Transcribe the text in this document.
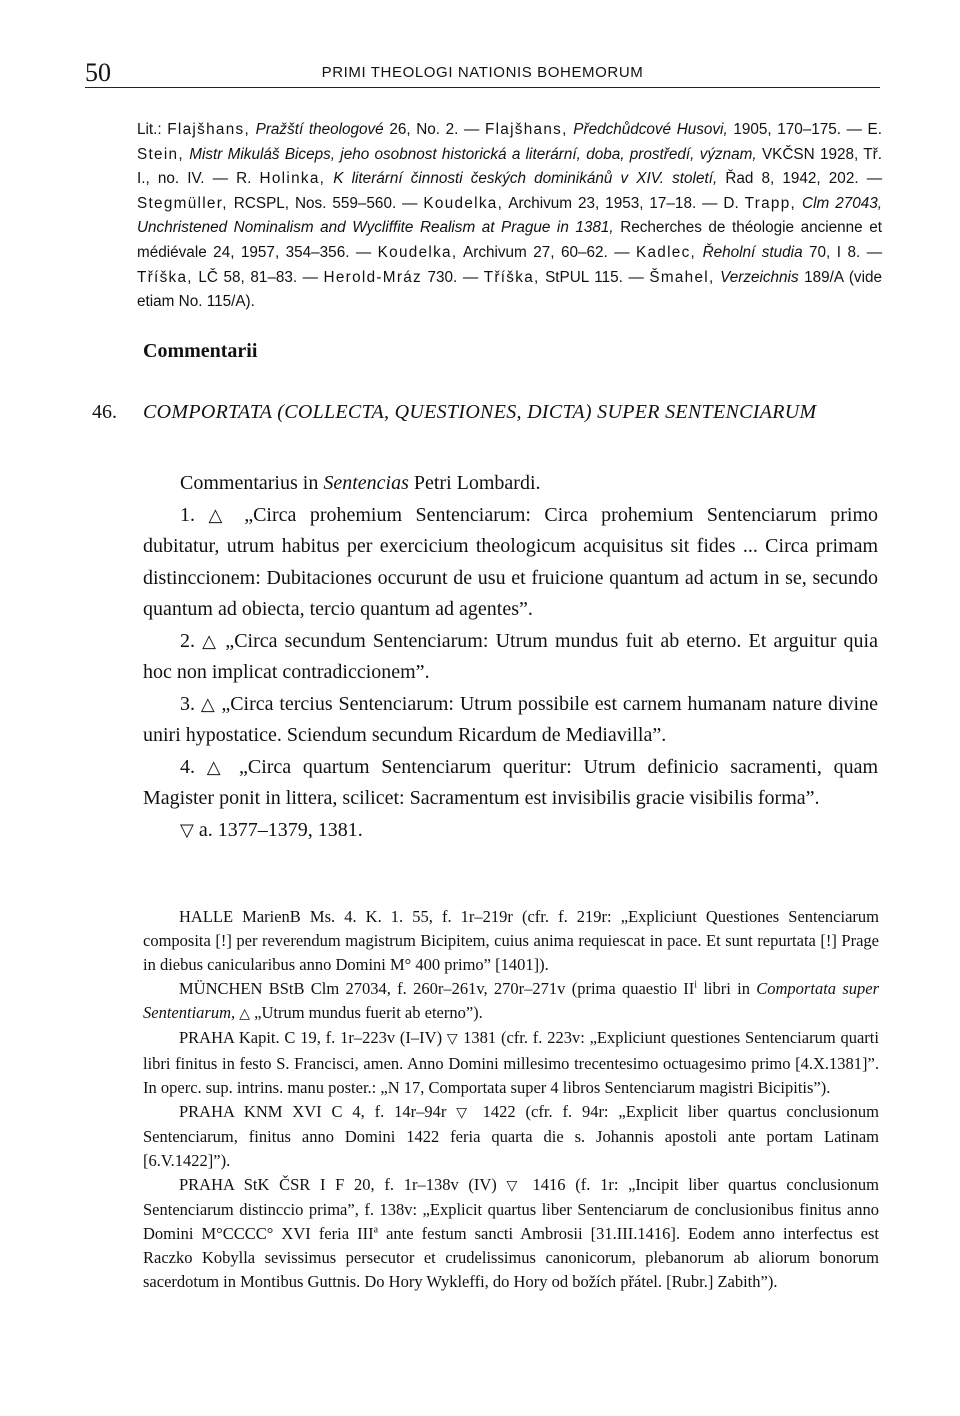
50	PRIMI THEOLOGI NATIONIS BOHEMORUM

Lit.: Flajšhans, Pražští theologové 26, No. 2. — Flajšhans, Předchůdcové Husovi, 1905, 170–175. — E. Stein, Mistr Mikuláš Biceps, jeho osobnost historická a literární, doba, prostředí, význam, VKČSN 1928, Tř. I., no. IV. — R. Holinka, K literární činnosti českých dominikánů v XIV. století, Řad 8, 1942, 202. — Stegmüller, RCSPL, Nos. 559–560. — Koudelka, Archivum 23, 1953, 17–18. — D. Trapp, Clm 27043, Unchristened Nominalism and Wycliffite Realism at Prague in 1381, Recherches de théologie ancienne et médiévale 24, 1957, 354–356. — Koudelka, Archivum 27, 60–62. — Kadlec, Řeholní studia 70, I 8. — Tříška, LČ 58, 81–83. — Herold-Mráz 730. — Tříška, StPUL 115. — Šmahel, Verzeichnis 189/A (vide etiam No. 115/A).

Commentarii
46. COMPORTATA (COLLECTA, QUESTIONES, DICTA) SUPER SENTENCIARUM

Commentarius in Sentencias Petri Lombardi.

1. △ „Circa prohemium Sentenciarum: Circa prohemium Sentenciarum primo dubitatur, utrum habitus per exercicium theologicum acquisitus sit fides ... Circa primam distinccionem: Dubitaciones occurunt de usu et fruicione quantum ad actum in se, secundo quantum ad obiecta, tercio quantum ad agentes”.

2. △ „Circa secundum Sentenciarum: Utrum mundus fuit ab eterno. Et arguitur quia hoc non implicat contradiccionem”.

3. △ „Circa tercius Sentenciarum: Utrum possibile est carnem humanam nature divine uniri hypostatice. Sciendum secundum Ricardum de Mediavilla”.

4. △ „Circa quartum Sentenciarum queritur: Utrum definicio sacramenti, quam Magister ponit in littera, scilicet: Sacramentum est invisibilis gracie visibilis forma”.

▽ a. 1377–1379, 1381.

HALLE MarienB Ms. 4. K. 1. 55, f. 1r–219r (cfr. f. 219r: „Expliciunt Questiones Sentenciarum composita [!] per reverendum magistrum Bicipitem, cuius anima requiescat in pace. Et sunt repurtata [!] Prage in diebus canicularibus anno Domini M° 400 primo” [1401]).

MÜNCHEN BStB Clm 27034, f. 260r–261v, 270r–271v (prima quaestio $II^i$ libri in Comportata super Sententiarum, △ „Utrum mundus fuerit ab eterno”).

PRAHA Kapit. C 19, f. 1r–223v (I–IV) ▽ 1381 (cfr. f. 223v: „Expliciunt questiones Sentenciarum quarti libri finitus in festo S. Francisci, amen. Anno Domini millesimo trecentesimo octuagesimo primo [4.X.1381]”. In operc. sup. intrins. manu poster.: „N 17, Comportata super 4 libros Sentenciarum magistri Bicipitis”).

PRAHA KNM XVI C 4, f. 14r–94r ▽ 1422 (cfr. f. 94r: „Explicit liber quartus conclusionum Sentenciarum, finitus anno Domini 1422 feria quarta die s. Johannis apostoli ante portam Latinam [6.V.1422]”).

PRAHA StK ČSR I F 20, f. 1r–138v (IV) ▽ 1416 (f. 1r: „Incipit liber quartus conclusionum Sentenciarum distinccio prima”, f. 138v: „Explicit quartus liber Sentenciarum de conclusionibus finitus anno Domini M°CCCC° XVI feria III$^a$ ante festum sancti Ambrosii [31.III.1416]. Eodem anno interfectus est Raczko Kobylla sevissimus persecutor et crudelissimus canonicorum, plebanorum ab aliorum bonorum sacerdotum in Montibus Guttnis. Do Hory Wykleffi, do Hory od božích přátel. [Rubr.] Zabith”).
